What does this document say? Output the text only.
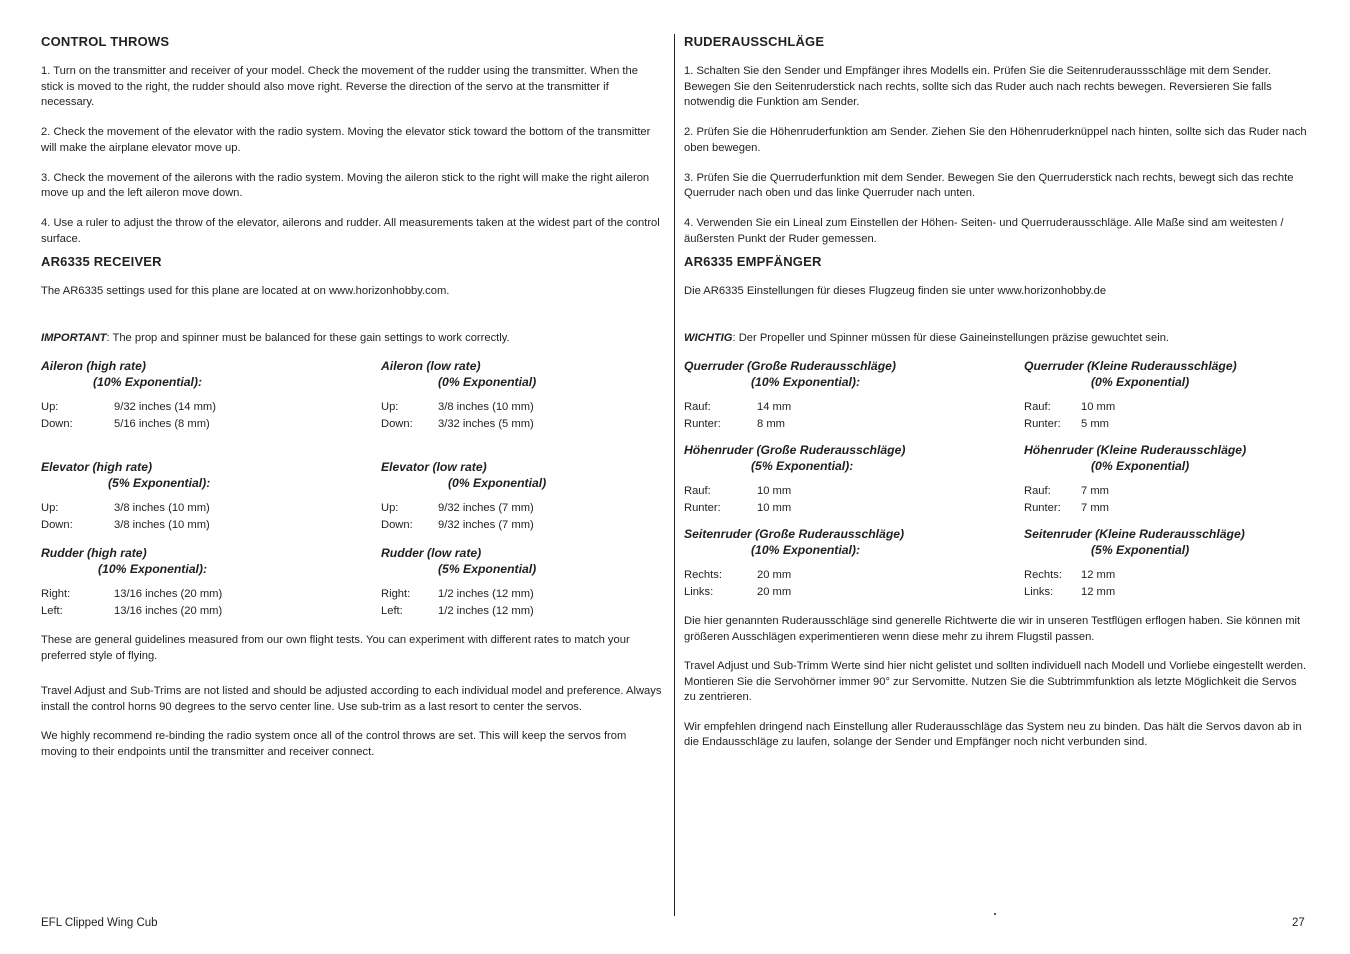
CONTROL THROWS

1. Turn on the transmitter and receiver of your model. Check the movement of the rudder using the transmitter. When the stick is moved to the right, the rudder should also move right. Reverse the direction of the servo at the transmitter if necessary.

2. Check the movement of the elevator with the radio system. Moving the elevator stick toward the bottom of the transmitter will make the airplane elevator move up.

3. Check the movement of the ailerons with the radio system. Moving the aileron stick to the right will make the right aileron move up and the left aileron move down.

4. Use a ruler to adjust the throw of the elevator, ailerons and rudder. All measurements taken at the widest part of the control surface.

AR6335 RECEIVER

The AR6335 settings used for this plane are located at on www.horizonhobby.com.

IMPORTANT: The prop and spinner must be balanced for these gain settings to work correctly.

Aileron (high rate)
(10% Exponential):
Up:	9/32 inches (14 mm)
Down:	5/16 inches (8 mm)
Aileron (low rate)
(0% Exponential)
Up:	3/8 inches (10 mm)
Down:	3/32 inches (5 mm)
Elevator (high rate)
(5% Exponential):
Up:	3/8 inches (10 mm)
Down:	3/8 inches (10 mm)
Elevator (low rate)
(0% Exponential)
Up:	9/32 inches (7 mm)
Down:	9/32 inches (7 mm)
Rudder (high rate)
(10% Exponential):
Right:	13/16 inches (20 mm)
Left:	13/16 inches (20 mm)
Rudder (low rate)
(5% Exponential)
Right:	1/2 inches (12 mm)
Left:	1/2 inches (12 mm)

These are general guidelines measured from our own flight tests. You can experiment with different rates to match your preferred style of flying.

Travel Adjust and Sub-Trims are not listed and should be adjusted according to each individual model and preference. Always install the control horns 90 degrees to the servo center line. Use sub-trim as a last resort to center the servos.

We highly recommend re-binding the radio system once all of the control throws are set. This will keep the servos from moving to their endpoints until the transmitter and receiver connect.

RUDERAUSSCHLÄGE

1. Schalten Sie den Sender und Empfänger ihres Modells ein. Prüfen Sie die Seitenruderaussschläge mit dem Sender. Bewegen Sie den Seitenruderstick nach rechts, sollte sich das Ruder auch nach rechts bewegen. Reversieren Sie falls notwendig die Funktion am Sender.

2. Prüfen Sie die Höhenruderfunktion am Sender. Ziehen Sie den Höhenruderknüppel nach hinten, sollte sich das Ruder nach oben bewegen.

3. Prüfen Sie die Querruderfunktion mit dem Sender. Bewegen Sie den Querruderstick nach rechts, bewegt sich das rechte Querruder nach oben und das linke Querruder nach unten.

4. Verwenden Sie ein Lineal zum Einstellen der Höhen- Seiten- und Querruderausschläge. Alle Maße sind am weitesten / äußersten Punkt der Ruder gemessen.

AR6335 EMPFÄNGER

Die AR6335 Einstellungen für dieses Flugzeug finden sie unter www.horizonhobby.de

WICHTIG: Der Propeller und Spinner müssen für diese Gaineinstellungen präzise gewuchtet sein.

Querruder (Große Ruderausschläge)
(10% Exponential):
Rauf:	14 mm
Runter:	8 mm
Querruder (Kleine Ruderausschläge)
(0% Exponential)
Rauf:	10 mm
Runter:	5 mm
Höhenruder (Große Ruderausschläge)
(5% Exponential):
Rauf:	10 mm
Runter:	10 mm
Höhenruder (Kleine Ruderausschläge)
(0% Exponential)
Rauf:	7 mm
Runter:	7 mm
Seitenruder (Große Ruderausschläge)
(10% Exponential):
Rechts:	20 mm
Links:	20 mm
Seitenruder (Kleine Ruderausschläge)
(5% Exponential)
Rechts:	12 mm
Links:	12 mm

Die hier genannten Ruderausschläge sind generelle Richtwerte die wir in unseren Testflügen erflogen haben. Sie können mit größeren Ausschlägen experimentieren wenn diese mehr zu ihrem Flugstil passen.

Travel Adjust und Sub-Trimm Werte sind hier nicht gelistet und sollten individuell nach Modell und Vorliebe eingestellt werden. Montieren Sie die Servohörner immer 90° zur Servomitte. Nutzen Sie die Subtrimmfunktion als letzte Möglichkeit die Servos zu zentrieren.

Wir empfehlen dringend nach Einstellung aller Ruderausschläge das System neu zu binden. Das hält die Servos davon ab in die Endausschläge zu laufen, solange der Sender und Empfänger noch nicht verbunden sind.

EFL Clipped Wing Cub	27
